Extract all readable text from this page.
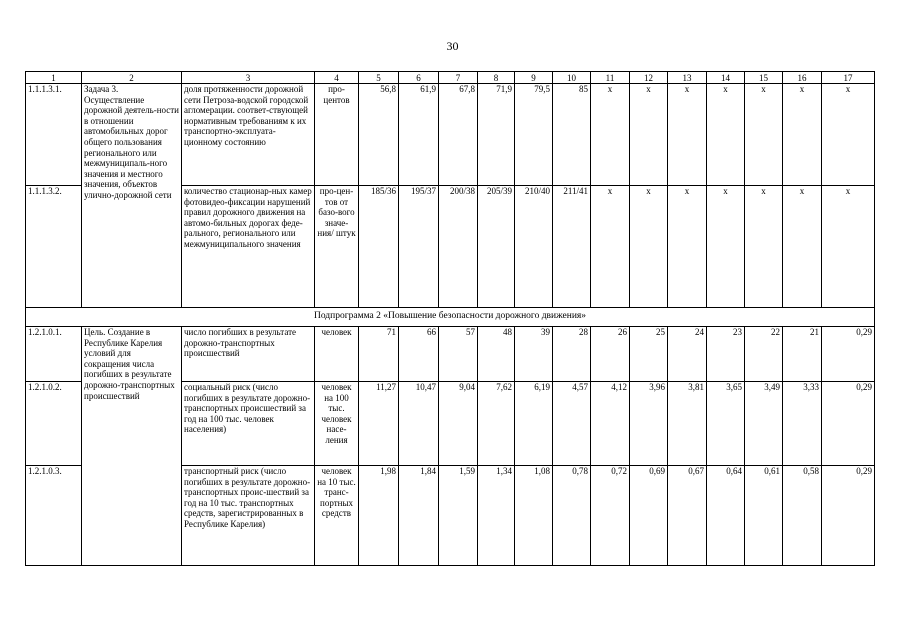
30
1	2	3	4	5	6	7	8	9	10	11	12	13	14	15	16	17
1.1.1.3.1.	Задача 3. Осуществление дорожной деятель-ности в отношении автомобильных дорог общего пользования регионального или межмуниципаль-ного значения и местного значения, объектов улично-дорожной сети	доля протяженности дорожной сети Петроза-водской городской агломерации. соответ-ствующей нормативным требованиям к их транспортно-эксплуата-ционному состоянию	про-центов	56,8	61,9	67,8	71,9	79,5	85	x	x	x	x	x	x	x
1.1.1.3.2.		количество стационар-ных камер фотовидео-фиксации нарушений правил дорожного движения на автомо-бильных дорогах феде-рального, регионального или межмуниципального значения	про-цен-тов от базо-вого значе-ния/ штук	185/36	195/37	200/38	205/39	210/40	211/41	x	x	x	x	x	x	x
Подпрограмма 2 «Повышение безопасности дорожного движения»																
1.2.1.0.1.	Цель. Создание в Республике Карелия условий для сокращения числа погибших в результате дорожно-транспортных происшествий	число погибших в результате дорожно-транспортных происшествий	человек	71	66	57	48	39	28	26	25	24	23	22	21	0,29
1.2.1.0.2.		социальный риск (число погибших в результате дорожно-транспортных происшествий за год на 100 тыс. человек населения)	человек на 100 тыс. человек насе-ления	11,27	10,47	9,04	7,62	6,19	4,57	4,12	3,96	3,81	3,65	3,49	3,33	0,29
1.2.1.0.3.		транспортный риск (число погибших в результате дорожно-транспортных проис-шествий за год на 10 тыс. транспортных средств, зарегистрированных в Республике Карелия)	человек на 10 тыс. транс-портных средств	1,98	1,84	1,59	1,34	1,08	0,78	0,72	0,69	0,67	0,64	0,61	0,58	0,29
